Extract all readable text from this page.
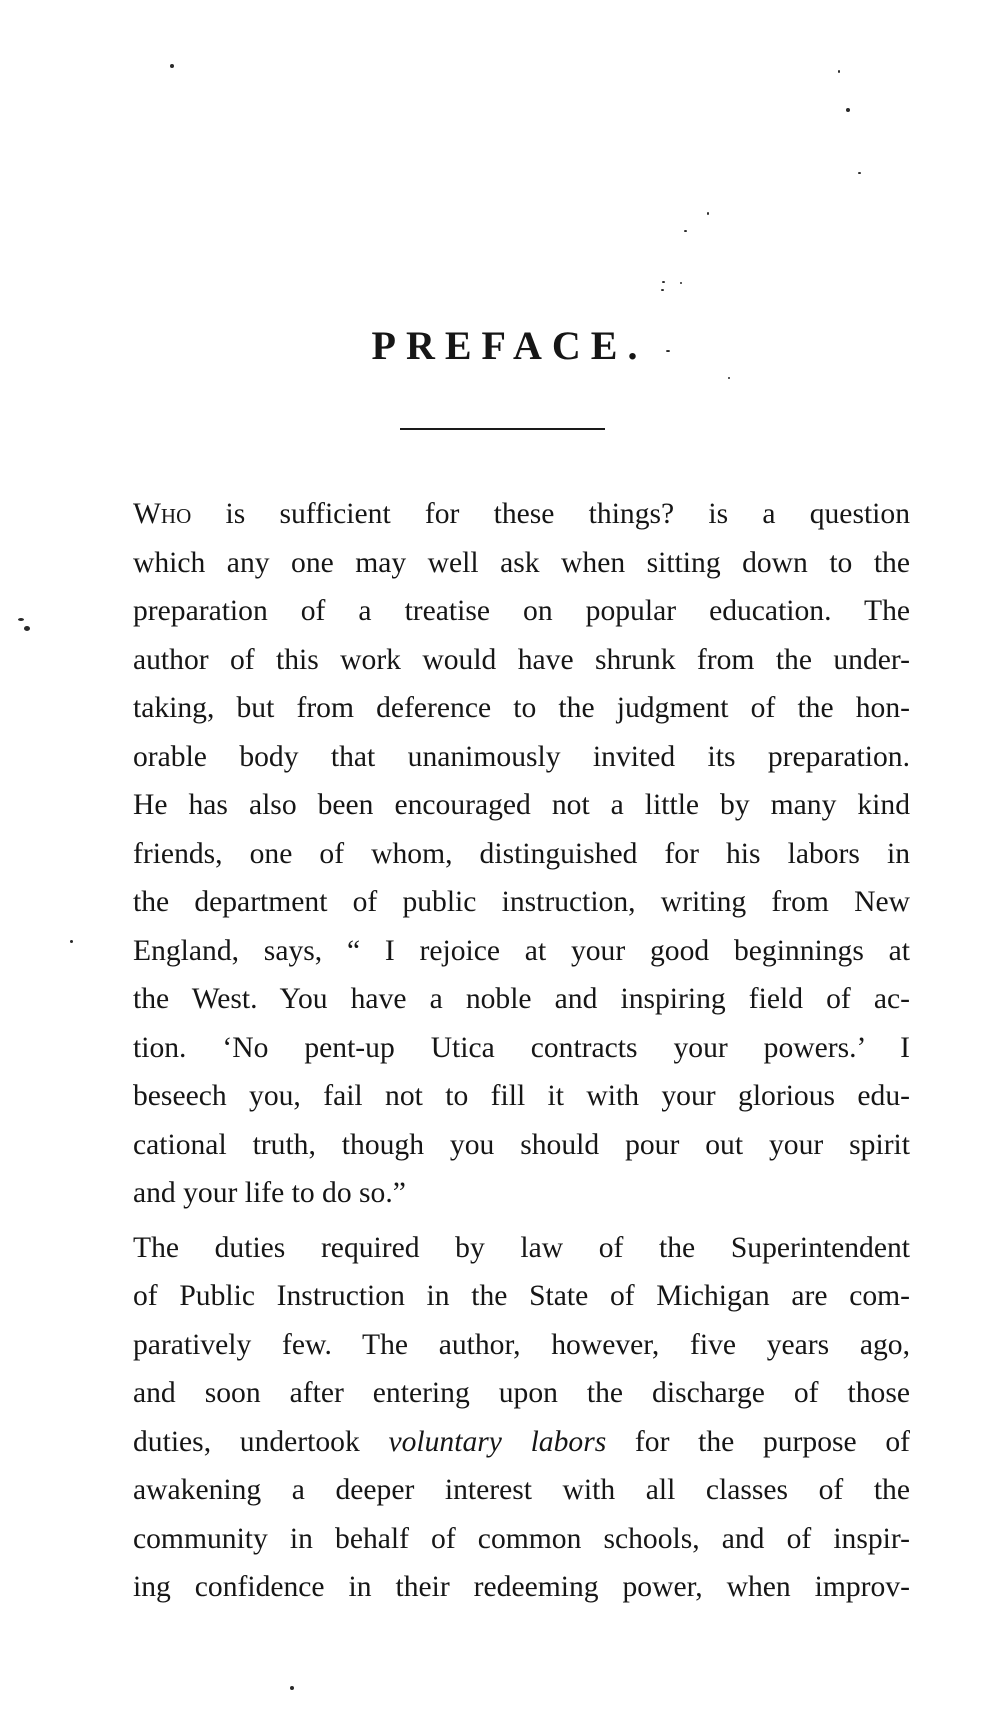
PREFACE.

Who is sufficient for these things? is a question
which any one may well ask when sitting down to the
preparation of a treatise on popular education. The
author of this work would have shrunk from the under-
taking, but from deference to the judgment of the hon-
orable body that unanimously invited its preparation.
He has also been encouraged not a little by many kind
friends, one of whom, distinguished for his labors in
the department of public instruction, writing from New
England, says, “ I rejoice at your good beginnings at
the West. You have a noble and inspiring field of ac-
tion. ‘No pent-up Utica contracts your powers.’ I
beseech you, fail not to fill it with your glorious edu-
cational truth, though you should pour out your spirit
and your life to do so.”

The duties required by law of the Superintendent
of Public Instruction in the State of Michigan are com-
paratively few. The author, however, five years ago,
and soon after entering upon the discharge of those
duties, undertook voluntary labors for the purpose of
awakening a deeper interest with all classes of the
community in behalf of common schools, and of inspir-
ing confidence in their redeeming power, when improv-
